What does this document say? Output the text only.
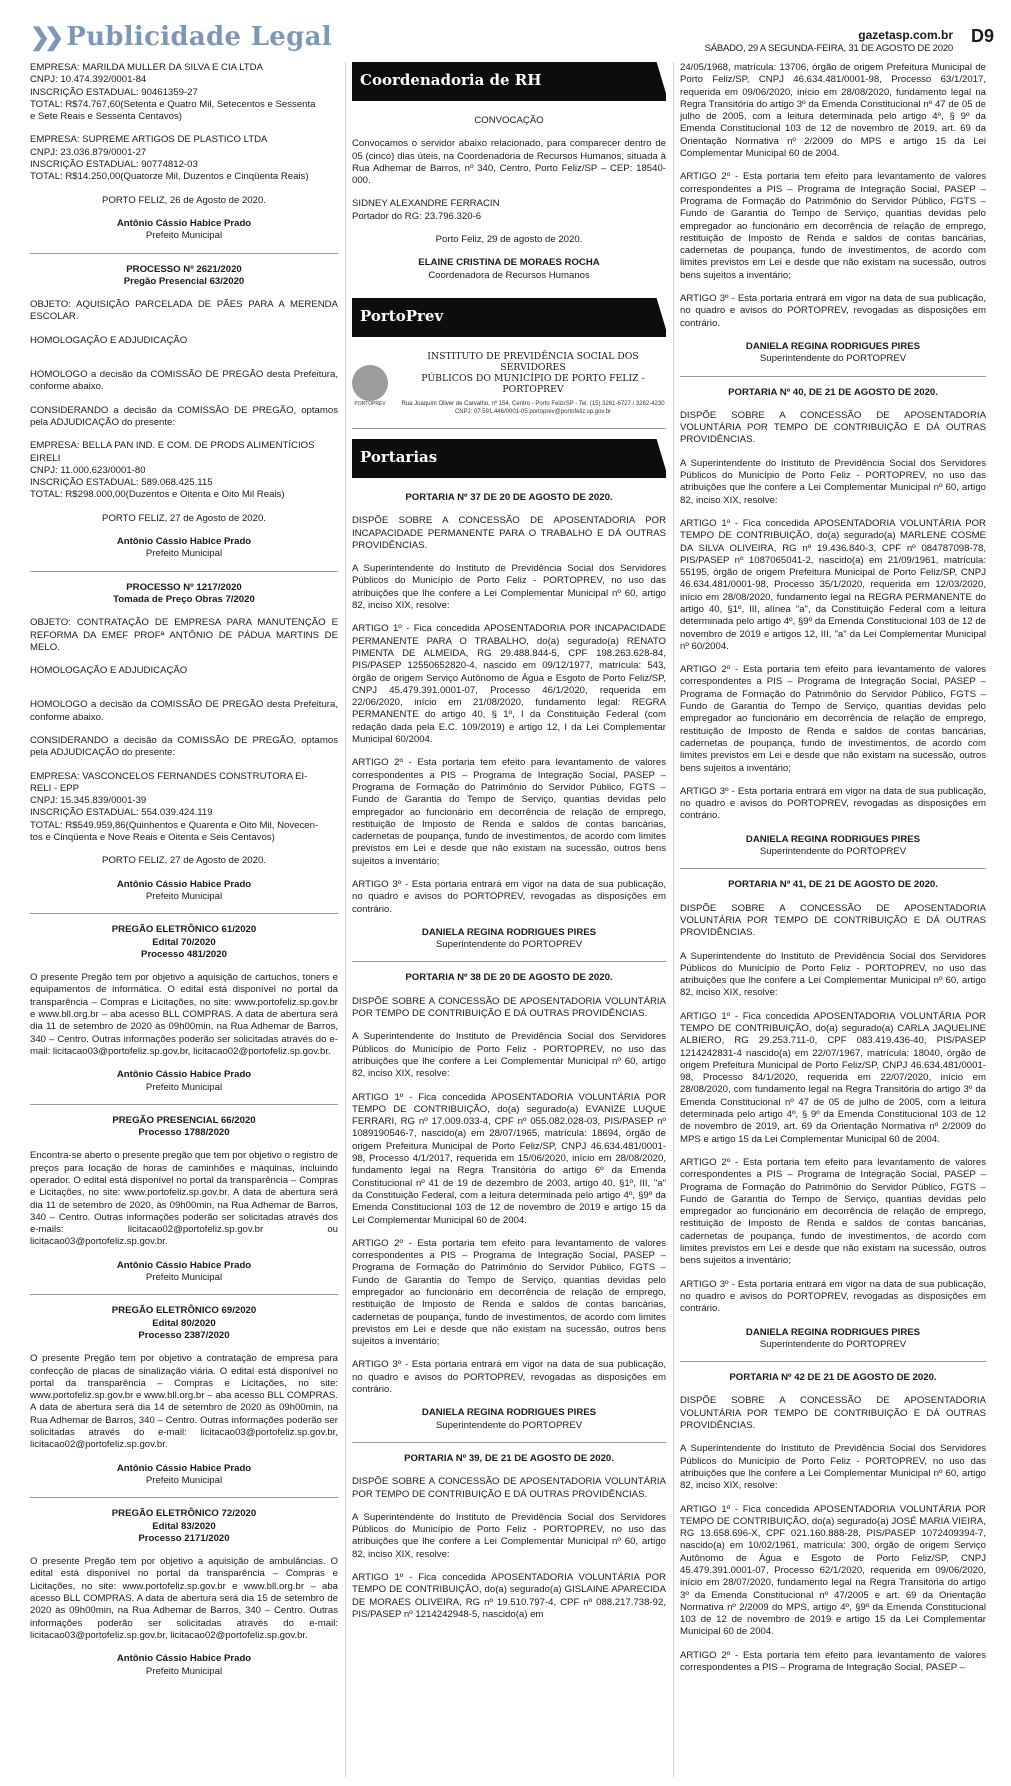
❯❯ Publicidade Legal	gazetasp.com.br
SÁBADO, 29 A SEGUNDA-FEIRA, 31 DE AGOSTO DE 2020
D9
EMPRESA: MARILDA MULLER DA SILVA E CIA LTDA
CNPJ: 10.474.392/0001-84
INSCRIÇÃO ESTADUAL: 90461359-27
TOTAL: R$74.767,60(Setenta e Quatro Mil, Setecentos e Sessenta
e Sete Reais e Sessenta Centavos)
EMPRESA: SUPREME ARTIGOS DE PLASTICO LTDA
CNPJ: 23.036.879/0001-27
INSCRIÇÃO ESTADUAL: 90774812-03
TOTAL: R$14.250,00(Quatorze Mil, Duzentos e Cinqüenta Reais)
PORTO FELIZ, 26 de Agosto de 2020.
Antônio Cássio Habice Prado
Prefeito Municipal
PROCESSO Nº 2621/2020
Pregão Presencial 63/2020

OBJETO: AQUISIÇÃO PARCELADA DE PÃES PARA A MERENDA ESCOLAR.

HOMOLOGAÇÃO E ADJUDICAÇÃO

HOMOLOGO a decisão da COMISSÃO DE PREGÃO desta Prefeitura, conforme abaixo.

CONSIDERANDO a decisão da COMISSÃO DE PREGÃO, optamos pela ADJUDICAÇÃO do presente:

EMPRESA: BELLA PAN IND. E COM. DE PRODS ALIMENTÍCIOS
EIRELI
CNPJ: 11.000.623/0001-80
INSCRIÇÃO ESTADUAL: 589.068.425.115
TOTAL: R$298.000,00(Duzentos e Oitenta e Oito Mil Reais)
PORTO FELIZ, 27 de Agosto de 2020.
Antônio Cássio Habice Prado
Prefeito Municipal
PROCESSO Nº 1217/2020
Tomada de Preço Obras 7/2020

OBJETO: CONTRATAÇÃO DE EMPRESA PARA MANUTENÇÃO E REFORMA DA EMEF PROFª ANTÔNIO DE PÁDUA MARTINS DE MELO.

HOMOLOGAÇÃO E ADJUDICAÇÃO

HOMOLOGO a decisão da COMISSÃO DE PREGÃO desta Prefeitura, conforme abaixo.

CONSIDERANDO a decisão da COMISSÃO DE PREGÃO, optamos pela ADJUDICAÇÃO do presente:

EMPRESA: VASCONCELOS FERNANDES CONSTRUTORA EI-
RELI - EPP
CNPJ: 15.345.839/0001-39
INSCRIÇÃO ESTADUAL: 554.039.424.119
TOTAL: R$549.959,86(Quinhentos e Quarenta e Oito Mil, Novecen-
tos e Cinqüenta e Nove Reais e Oitenta e Seis Centavos)
PORTO FELIZ, 27 de Agosto de 2020.
Antônio Cássio Habice Prado
Prefeito Municipal
PREGÃO ELETRÔNICO 61/2020
Edital 70/2020
Processo 481/2020

O presente Pregão tem por objetivo a aquisição de cartuchos, toners e equipamentos de informática. O edital está disponível no portal da transparência – Compras e Licitações, no site: www.portofeliz.sp.gov.br e www.bll.org.br – aba acesso BLL COMPRAS. A data de abertura será dia 11 de setembro de 2020 às 09h00min, na Rua Adhemar de Barros, 340 – Centro. Outras informações poderão ser solicitadas através do e-mail: licitacao03@portofeliz.sp.gov.br, licitacao02@portofeliz.sp.gov.br.

Antônio Cássio Habice Prado
Prefeito Municipal
PREGÃO PRESENCIAL 66/2020
Processo 1788/2020

Encontra-se aberto o presente pregão que tem por objetivo o registro de preços para locação de horas de caminhões e máquinas, incluindo operador. O edital está disponível no portal da transparência – Compras e Licitações, no site: www.portofeliz.sp.gov.br. A data de abertura será dia 11 de setembro de 2020, às 09h00min, na Rua Adhemar de Barros, 340 – Centro. Outras informações poderão ser solicitadas através dos e-mails: licitacao02@portofeliz.sp.gov.br ou licitacao03@portofeliz.sp.gov.br.

Antônio Cássio Habice Prado
Prefeito Municipal
PREGÃO ELETRÔNICO 69/2020
Edital 80/2020
Processo 2387/2020

O presente Pregão tem por objetivo a contratação de empresa para confecção de placas de sinalização viária. O edital está disponível no portal da transparência – Compras e Licitações, no site: www.portofeliz.sp.gov.br e www.bll.org.br – aba acesso BLL COMPRAS. A data de abertura será dia 14 de setembro de 2020 às 09h00min, na Rua Adhemar de Barros, 340 – Centro. Outras informações poderão ser solicitadas através do e-mail: licitacao03@portofeliz.sp.gov.br, licitacao02@portofeliz.sp.gov.br.

Antônio Cássio Habice Prado
Prefeito Municipal
PREGÃO ELETRÔNICO 72/2020
Edital 83/2020
Processo 2171/2020

O presente Pregão tem por objetivo a aquisição de ambulâncias. O edital está disponível no portal da transparência – Compras e Licitações, no site: www.portofeliz.sp.gov.br e www.bll.org.br – aba acesso BLL COMPRAS. A data de abertura será dia 15 de setembro de 2020 às 09h00min, na Rua Adhemar de Barros, 340 – Centro. Outras informações poderão ser solicitadas através do e-mail: licitacao03@portofeliz.sp.gov.br, licitacao02@portofeliz.sp.gov.br.

Antônio Cássio Habice Prado
Prefeito Municipal
Coordenadoria de RH
CONVOCAÇÃO

Convocamos o servidor abaixo relacionado, para comparecer dentro de 05 (cinco) dias úteis, na Coordenadoria de Recursos Humanos, situada à Rua Adhemar de Barros, nº 340, Centro, Porto Feliz/SP – CEP: 18540-000.

SIDNEY ALEXANDRE FERRACIN
Portador do RG: 23.796.320-6
Porto Feliz, 29 de agosto de 2020.
ELAINE CRISTINA DE MORAES ROCHA
Coordenadora de Recursos Humanos
PortoPrev
PORTOPREV
INSTITUTO DE PREVIDÊNCIA SOCIAL DOS SERVIDORES
PÚBLICOS DO MUNICÍPIO DE PORTO FELIZ - PORTOPREV
Rua Joaquim Oliver de Carvalho, nº 154, Centro - Porto Feliz/SP - Tel. (15) 3261-6727 / 3262-4230
CNPJ: 07.591.446/0001-05 portoprev@portofeliz.sp.gov.br
Portarias
PORTARIA Nº 37 DE 20 DE AGOSTO DE 2020.

DISPÕE SOBRE A CONCESSÃO DE APOSENTADORIA POR INCAPACIDADE PERMANENTE PARA O TRABALHO E DÁ OUTRAS PROVIDÊNCIAS.

A Superintendente do Instituto de Previdência Social dos Servidores Públicos do Município de Porto Feliz - PORTOPREV, no uso das atribuições que lhe confere a Lei Complementar Municipal nº 60, artigo 82, inciso XIX, resolve:

ARTIGO 1º - Fica concedida APOSENTADORIA POR INCAPACIDADE PERMANENTE PARA O TRABALHO, do(a) segurado(a) RENATO PIMENTA DE ALMEIDA, RG 29.488.844-5, CPF 198.263.628-84, PIS/PASEP 12550652820-4, nascido em 09/12/1977, matrícula: 543, órgão de origem Serviço Autônomo de Água e Esgoto de Porto Feliz/SP, CNPJ 45.479.391.0001-07, Processo 46/1/2020, requerida em 22/06/2020, início em 21/08/2020, fundamento legal: REGRA PERMANENTE do artigo 40, § 1º, I da Constituição Federal (com redação dada pela E.C. 109/2019) e artigo 12, I da Lei Complementar Municipal 60/2004.

ARTIGO 2º - Esta portaria tem efeito para levantamento de valores correspondentes a PIS – Programa de Integração Social, PASEP – Programa de Formação do Patrimônio do Servidor Público, FGTS – Fundo de Garantia do Tempo de Serviço, quantias devidas pelo empregador ao funcionário em decorrência de relação de emprego, restituição de Imposto de Renda e saldos de contas bancárias, cadernetas de poupança, fundo de investimentos, de acordo com limites previstos em Lei e desde que não existam na sucessão, outros bens sujeitos a inventário;

ARTIGO 3º - Esta portaria entrará em vigor na data de sua publicação, no quadro e avisos do PORTOPREV, revogadas as disposições em contrário.

DANIELA REGINA RODRIGUES PIRES
Superintendente do PORTOPREV
PORTARIA Nº 38 DE 20 DE AGOSTO DE 2020.

DISPÕE SOBRE A CONCESSÃO DE APOSENTADORIA VOLUNTÁRIA POR TEMPO DE CONTRIBUIÇÃO E DÁ OUTRAS PROVIDÊNCIAS.

A Superintendente do Instituto de Previdência Social dos Servidores Públicos do Município de Porto Feliz - PORTOPREV, no uso das atribuições que lhe confere a Lei Complementar Municipal nº 60, artigo 82, inciso XIX, resolve:

ARTIGO 1º - Fica concedida APOSENTADORIA VOLUNTÁRIA POR TEMPO DE CONTRIBUIÇÃO, do(a) segurado(a) EVANIZE LUQUE FERRARI, RG nº 17.009.033-4, CPF nº 055.082.028-03, PIS/PASEP nº 1089190546-7, nascido(a) em 28/07/1965, matrícula: 18694, órgão de origem Prefeitura Municipal de Porto Feliz/SP, CNPJ 46.634.481/0001-98, Processo 4/1/2017, requerida em 15/06/2020, início em 28/08/2020, fundamento legal na Regra Transitória do artigo 6º da Emenda Constitucional nº 41 de 19 de dezembro de 2003, artigo 40, §1º, III, "a" da Constituição Federal, com a leitura determinada pelo artigo 4º, §9º da Emenda Constitucional 103 de 12 de novembro de 2019 e artigo 15 da Lei Complementar Municipal 60 de 2004.

ARTIGO 2º - Esta portaria tem efeito para levantamento de valores correspondentes a PIS – Programa de Integração Social, PASEP – Programa de Formação do Patrimônio do Servidor Público, FGTS – Fundo de Garantia do Tempo de Serviço, quantias devidas pelo empregador ao funcionário em decorrência de relação de emprego, restituição de Imposto de Renda e saldos de contas bancárias, cadernetas de poupança, fundo de investimentos, de acordo com limites previstos em Lei e desde que não existam na sucessão, outros bens sujeitos a inventário;

ARTIGO 3º - Esta portaria entrará em vigor na data de sua publicação, no quadro e avisos do PORTOPREV, revogadas as disposições em contrário.

DANIELA REGINA RODRIGUES PIRES
Superintendente do PORTOPREV
PORTARIA Nº 39, DE 21 DE AGOSTO DE 2020.

DISPÕE SOBRE A CONCESSÃO DE APOSENTADORIA VOLUNTÁRIA POR TEMPO DE CONTRIBUIÇÃO E DÁ OUTRAS PROVIDÊNCIAS.

A Superintendente do Instituto de Previdência Social dos Servidores Públicos do Município de Porto Feliz - PORTOPREV, no uso das atribuições que lhe confere a Lei Complementar Municipal nº 60, artigo 82, inciso XIX, resolve:

ARTIGO 1º - Fica concedida APOSENTADORIA VOLUNTÁRIA POR TEMPO DE CONTRIBUIÇÃO, do(a) segurado(a) GISLAINE APARECIDA DE MORAES OLIVEIRA, RG nº 19.510.797-4, CPF nº 088.217.738-92, PIS/PASEP nº 1214242948-5, nascido(a) em

24/05/1968, matrícula: 13706, órgão de origem Prefeitura Municipal de Porto Feliz/SP, CNPJ 46.634.481/0001-98, Processo 63/1/2017, requerida em 09/06/2020, início em 28/08/2020, fundamento legal na Regra Transitória do artigo 3º da Emenda Constitucional nº 47 de 05 de julho de 2005, com a leitura determinada pelo artigo 4º, § 9º da Emenda Constitucional 103 de 12 de novembro de 2019, art. 69 da Orientação Normativa nº 2/2009 do MPS e artigo 15 da Lei Complementar Municipal 60 de 2004.

ARTIGO 2º - Esta portaria tem efeito para levantamento de valores correspondentes a PIS – Programa de Integração Social, PASEP – Programa de Formação do Patrimônio do Servidor Público, FGTS – Fundo de Garantia do Tempo de Serviço, quantias devidas pelo empregador ao funcionário em decorrência de relação de emprego, restituição de Imposto de Renda e saldos de contas bancárias, cadernetas de poupança, fundo de investimentos, de acordo com limites previstos em Lei e desde que não existam na sucessão, outros bens sujeitos a inventário;

ARTIGO 3º - Esta portaria entrará em vigor na data de sua publicação, no quadro e avisos do PORTOPREV, revogadas as disposições em contrário.

DANIELA REGINA RODRIGUES PIRES
Superintendente do PORTOPREV
PORTARIA Nº 40, DE 21 DE AGOSTO DE 2020.

DISPÕE SOBRE A CONCESSÃO DE APOSENTADORIA VOLUNTÁRIA POR TEMPO DE CONTRIBUIÇÃO E DÁ OUTRAS PROVIDÊNCIAS.

A Superintendente do Instituto de Previdência Social dos Servidores Públicos do Município de Porto Feliz - PORTOPREV, no uso das atribuições que lhe confere a Lei Complementar Municipal nº 60, artigo 82, inciso XIX, resolve:

ARTIGO 1º - Fica concedida APOSENTADORIA VOLUNTÁRIA POR TEMPO DE CONTRIBUIÇÃO, do(a) segurado(a) MARLENE COSME DA SILVA OLIVEIRA, RG nº 19.436.840-3, CPF nº 084787098-78, PIS/PASEP nº 1087065041-2, nascido(a) em 21/09/1961, matrícula: 55195, órgão de origem Prefeitura Municipal de Porto Feliz/SP, CNPJ 46.634.481/0001-98, Processo 35/1/2020, requerida em 12/03/2020, início em 28/08/2020, fundamento legal na REGRA PERMANENTE do artigo 40, §1º, III, alínea "a", da Constituição Federal com a leitura determinada pelo artigo 4º, §9º da Emenda Constitucional 103 de 12 de novembro de 2019 e artigos 12, III, "a" da Lei Complementar Municipal nº 60/2004.

ARTIGO 2º - Esta portaria tem efeito para levantamento de valores correspondentes a PIS – Programa de Integração Social, PASEP – Programa de Formação do Patrimônio do Servidor Público, FGTS – Fundo de Garantia do Tempo de Serviço, quantias devidas pelo empregador ao funcionário em decorrência de relação de emprego, restituição de Imposto de Renda e saldos de contas bancárias, cadernetas de poupança, fundo de investimentos, de acordo com limites previstos em Lei e desde que não existam na sucessão, outros bens sujeitos a inventário;

ARTIGO 3º - Esta portaria entrará em vigor na data de sua publicação, no quadro e avisos do PORTOPREV, revogadas as disposições em contrário.

DANIELA REGINA RODRIGUES PIRES
Superintendente do PORTOPREV
PORTARIA Nº 41, DE 21 DE AGOSTO DE 2020.

DISPÕE SOBRE A CONCESSÃO DE APOSENTADORIA VOLUNTÁRIA POR TEMPO DE CONTRIBUIÇÃO E DÁ OUTRAS PROVIDÊNCIAS.

A Superintendente do Instituto de Previdência Social dos Servidores Públicos do Município de Porto Feliz - PORTOPREV, no uso das atribuições que lhe confere a Lei Complementar Municipal nº 60, artigo 82, inciso XIX, resolve:

ARTIGO 1º - Fica concedida APOSENTADORIA VOLUNTÁRIA POR TEMPO DE CONTRIBUIÇÃO, do(a) segurado(a) CARLA JAQUELINE ALBIERO, RG 29.253.711-0, CPF 083.419.436-40, PIS/PASEP 1214242831-4 nascido(a) em 22/07/1967, matrícula: 18040, órgão de origem Prefeitura Municipal de Porto Feliz/SP, CNPJ 46.634.481/0001-98, Processo 84/1/2020, requerida em 22/07/2020, início em 28/08/2020, com fundamento legal na Regra Transitória do artigo 3º da Emenda Constitucional nº 47 de 05 de julho de 2005, com a leitura determinada pelo artigo 4º, § 9º da Emenda Constitucional 103 de 12 de novembro de 2019, art. 69 da Orientação Normativa nº 2/2009 do MPS e artigo 15 da Lei Complementar Municipal 60 de 2004.

ARTIGO 2º - Esta portaria tem efeito para levantamento de valores correspondentes a PIS – Programa de Integração Social, PASEP – Programa de Formação do Patrimônio do Servidor Público, FGTS – Fundo de Garantia do Tempo de Serviço, quantias devidas pelo empregador ao funcionário em decorrência de relação de emprego, restituição de Imposto de Renda e saldos de contas bancárias, cadernetas de poupança, fundo de investimentos, de acordo com limites previstos em Lei e desde que não existam na sucessão, outros bens sujeitos a inventário;

ARTIGO 3º - Esta portaria entrará em vigor na data de sua publicação, no quadro e avisos do PORTOPREV, revogadas as disposições em contrário.

DANIELA REGINA RODRIGUES PIRES
Superintendente do PORTOPREV
PORTARIA Nº 42 DE 21 DE AGOSTO DE 2020.

DISPÕE SOBRE A CONCESSÃO DE APOSENTADORIA VOLUNTÁRIA POR TEMPO DE CONTRIBUIÇÃO E DÁ OUTRAS PROVIDÊNCIAS.

A Superintendente do Instituto de Previdência Social dos Servidores Públicos do Município de Porto Feliz - PORTOPREV, no uso das atribuições que lhe confere a Lei Complementar Municipal nº 60, artigo 82, inciso XIX, resolve:

ARTIGO 1º - Fica concedida APOSENTADORIA VOLUNTÁRIA POR TEMPO DE CONTRIBUIÇÃO, do(a) segurado(a) JOSÉ MARIA VIEIRA, RG 13.658.696-X, CPF 021.160.888-28, PIS/PASEP 1072409394-7, nascido(a) em 10/02/1961, matrícula: 300, órgão de origem Serviço Autônomo de Água e Esgoto de Porto Feliz/SP, CNPJ 45.479.391.0001-07, Processo 62/1/2020, requerida em 09/06/2020, início em 28/07/2020, fundamento legal na Regra Transitória do artigo 3º da Emenda Constitucional nº 47/2005 e art. 69 da Orientação Normativa nº 2/2009 do MPS, artigo 4º, §9º da Emenda Constitucional 103 de 12 de novembro de 2019 e artigo 15 da Lei Complementar Municipal 60 de 2004.

ARTIGO 2º - Esta portaria tem efeito para levantamento de valores correspondentes a PIS – Programa de Integração Social, PASEP –
